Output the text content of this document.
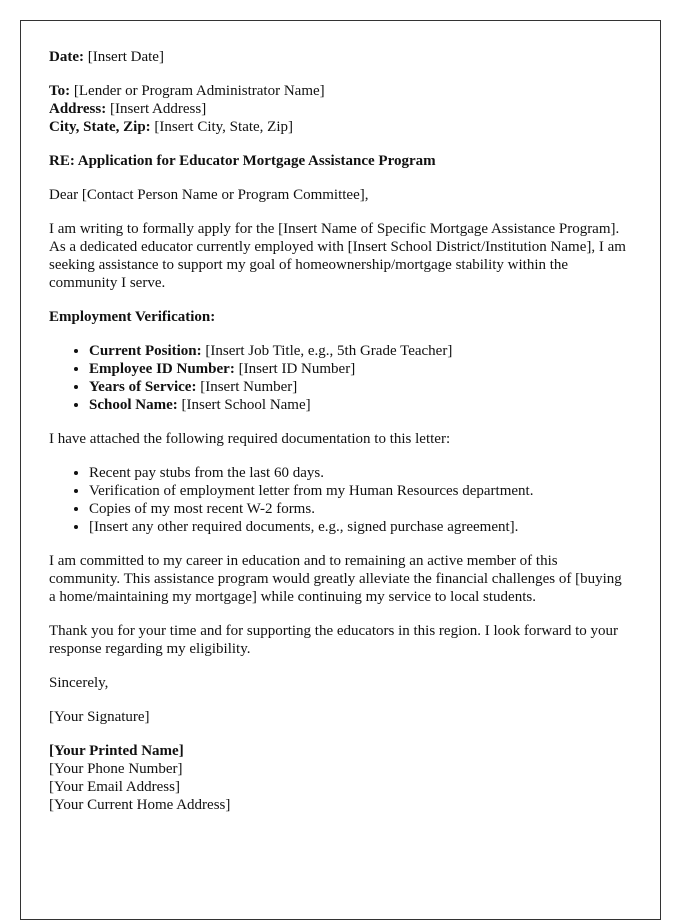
Date: [Insert Date]

To: [Lender or Program Administrator Name]
Address: [Insert Address]
City, State, Zip: [Insert City, State, Zip]

RE: Application for Educator Mortgage Assistance Program

Dear [Contact Person Name or Program Committee],

I am writing to formally apply for the [Insert Name of Specific Mortgage Assistance Program]. As a dedicated educator currently employed with [Insert School District/Institution Name], I am seeking assistance to support my goal of homeownership/mortgage stability within the community I serve.

Employment Verification:

• Current Position: [Insert Job Title, e.g., 5th Grade Teacher]
• Employee ID Number: [Insert ID Number]
• Years of Service: [Insert Number]
• School Name: [Insert School Name]

I have attached the following required documentation to this letter:

• Recent pay stubs from the last 60 days.
• Verification of employment letter from my Human Resources department.
• Copies of my most recent W-2 forms.
• [Insert any other required documents, e.g., signed purchase agreement].

I am committed to my career in education and to remaining an active member of this community. This assistance program would greatly alleviate the financial challenges of [buying a home/maintaining my mortgage] while continuing my service to local students.

Thank you for your time and for supporting the educators in this region. I look forward to your response regarding my eligibility.

Sincerely,

[Your Signature]

[Your Printed Name]
[Your Phone Number]
[Your Email Address]
[Your Current Home Address]
